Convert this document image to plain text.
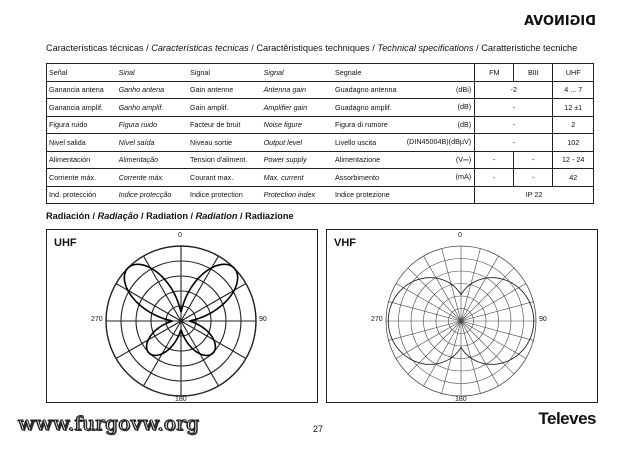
DIGINOVA
Características técnicas / Características tecnicas / Caractêristiques techniques / Technical specifications / Caratteristiche tecniche
Señal	Sinal	Signal	Signal	Segnale	FM	BIII	UHF
Ganancia antena	Ganho antena	Gain antenne	Antenna gain	Guadagno antenna (dBi)	-2		4 ... 7
Ganancia amplif.	Ganho amplif.	Gain amplif.	Amplifier gain	Guadagno amplif. (dB)	-		12 ±1
Figura ruido	Figura ruido	Facteur de bruit	Noise figure	Figura di rumore (dB)	-		2
Nivel salida	Nível saída	Niveau sortie	Output level	Livello uscita (DIN45004B)(dBµV)	-		102
Alimentación	Alimentação	Tension d'aliment.	Power supply	Alimentazione (V⎓)	-	-	12 - 24
Corriente máx.	Corrente máx.	Courant max.	Max. current	Assorbimento (mA)	-	-	42
Ind. protección	Indice protecção	Indice protection	Protection index	Indice protezione	IP 22		
Radiación / Radiação / Radiation / Radiation / Radiazione
UHF
0
90
180
270
VHF
0
90
180
270
www.furgovw.org	27
Televes
